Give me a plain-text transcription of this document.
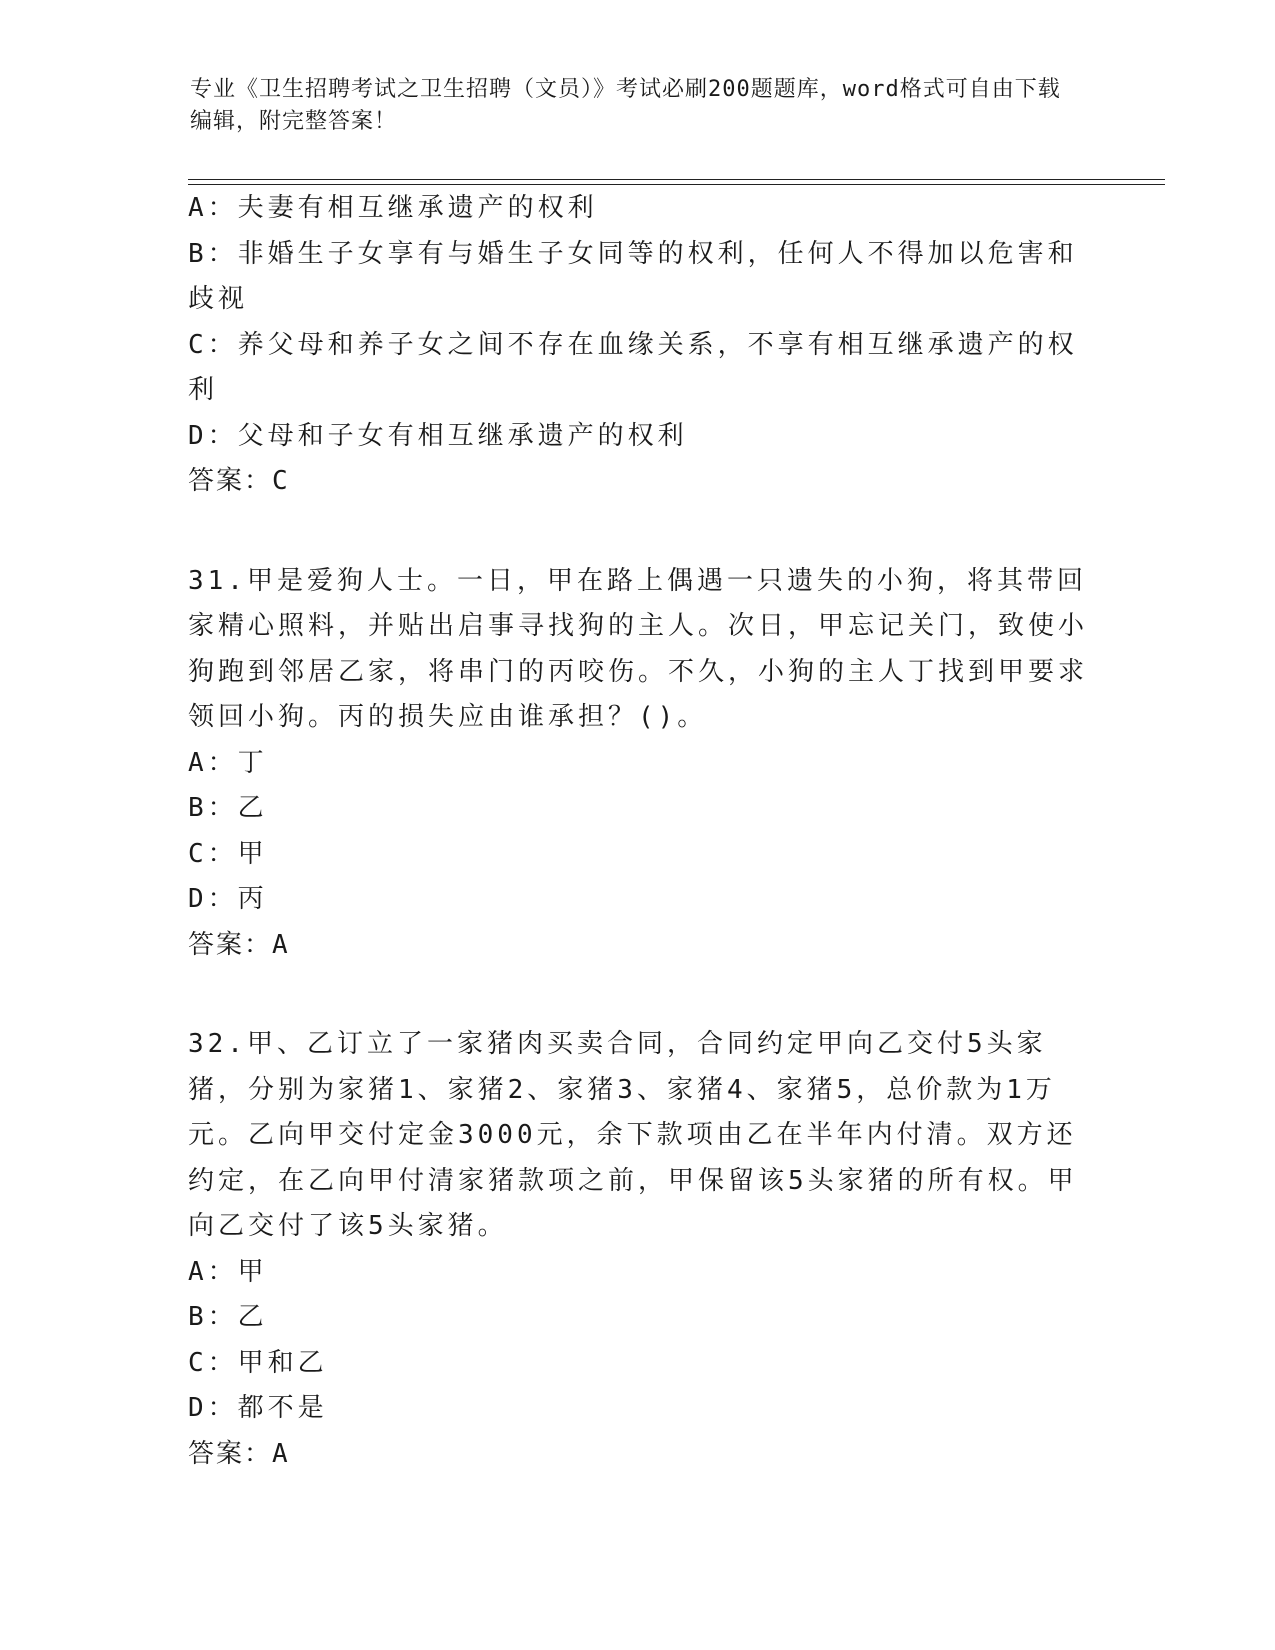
专业《卫生招聘考试之卫生招聘（文员）》考试必刷200题题库，word格式可自由下载编辑，附完整答案！

A：夫妻有相互继承遗产的权利

B：非婚生子女享有与婚生子女同等的权利，任何人不得加以危害和歧视

C：养父母和养子女之间不存在血缘关系，不享有相互继承遗产的权利

D：父母和子女有相互继承遗产的权利

答案：C

31.甲是爱狗人士。一日，甲在路上偶遇一只遗失的小狗，将其带回家精心照料，并贴出启事寻找狗的主人。次日，甲忘记关门，致使小狗跑到邻居乙家，将串门的丙咬伤。不久，小狗的主人丁找到甲要求领回小狗。丙的损失应由谁承担？()。

A：丁

B：乙

C：甲

D：丙

答案：A

32.甲、乙订立了一家猪肉买卖合同，合同约定甲向乙交付5头家猪，分别为家猪1、家猪2、家猪3、家猪4、家猪5，总价款为1万元。乙向甲交付定金3000元，余下款项由乙在半年内付清。双方还约定，在乙向甲付清家猪款项之前，甲保留该5头家猪的所有权。甲向乙交付了该5头家猪。

A：甲

B：乙

C：甲和乙

D：都不是

答案：A
